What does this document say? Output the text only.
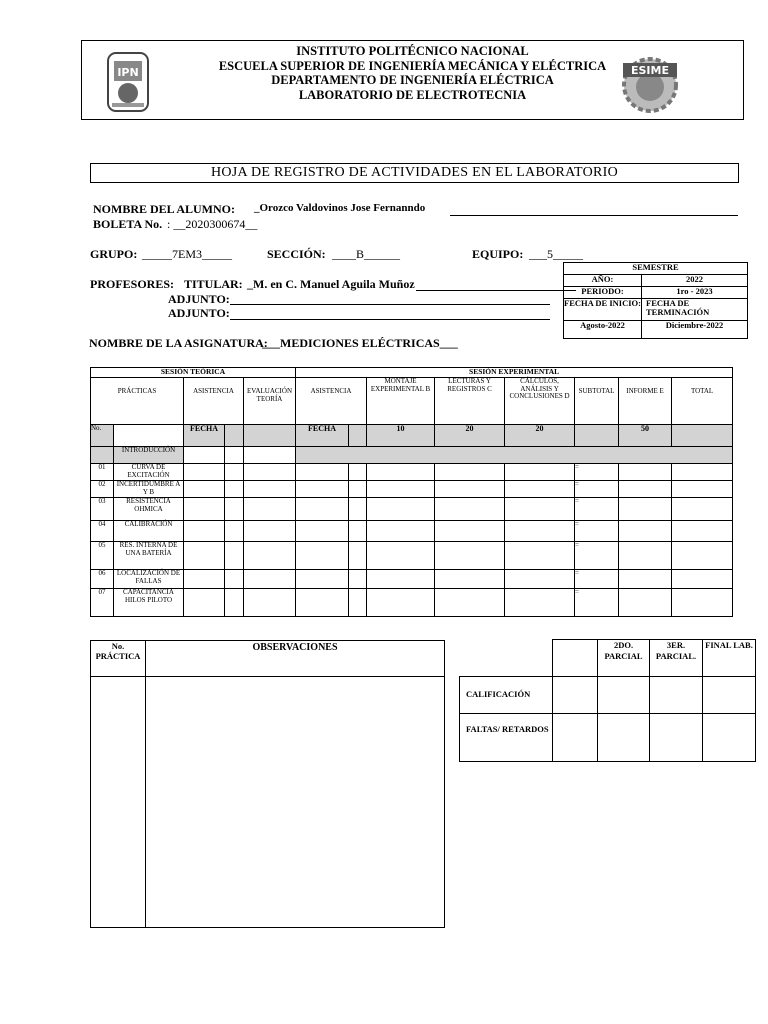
IPN
INSTITUTO POLITÉCNICO NACIONAL
ESCUELA SUPERIOR DE INGENIERÍA MECÁNICA Y ELÉCTRICA
DEPARTAMENTO DE INGENIERÍA ELÉCTRICA
LABORATORIO DE ELECTROTECNIA
ESIME
HOJA DE REGISTRO DE ACTIVIDADES EN EL LABORATORIO
NOMBRE DEL ALUMNO: _Orozco Valdovinos Jose Fernanndo
BOLETA No. : __2020300674__
GRUPO: _____7EM3_____	SECCIÓN: ____B______	EQUIPO: ___5_____
PROFESORES: TITULAR: _M. en C. Manuel Aguila Muñoz
ADJUNTO:
ADJUNTO:
SEMESTRE	
AÑO:	2022
PERIODO:	1ro - 2023
FECHA DE INICIO:	FECHA DE TERMINACIÓN
Agosto-2022	Diciembre-2022
NOMBRE DE LA ASIGNATURA:
___MEDICIONES ELÉCTRICAS___
SESIÓN TEÓRICA					SESIÓN EXPERIMENTAL							
PRÁCTICAS		ASISTENCIA		EVALUACIÓN TEORÍA	ASISTENCIA		MONTAJE EXPERIMENTAL B	LECTURAS Y REGISTROS C	CÁLCULOS, ANÁLISIS Y CONCLUSIONES D	SUBTOTAL	INFORME E	TOTAL
No.		FECHA			FECHA		10	20	20		50	
	INTRODUCCIÓN											
01	CURVA DE EXCITACIÓN									=		
02	INCERTIDUMBRE A Y B									=		
03	RESISTENCIA OHMICA									=		
04	CALIBRACIÓN									=		
05	RES. INTERNA DE UNA BATERÍA									=		
06	LOCALIZACIÓN DE FALLAS									=		
07	CAPACITANCIA HILOS PILOTO									=		
No. PRÁCTICA	OBSERVACIONES

			2DO. PARCIAL	3ER. PARCIAL.	FINAL LAB.
CALIFICACIÓN				
FALTAS/ RETARDOS				
